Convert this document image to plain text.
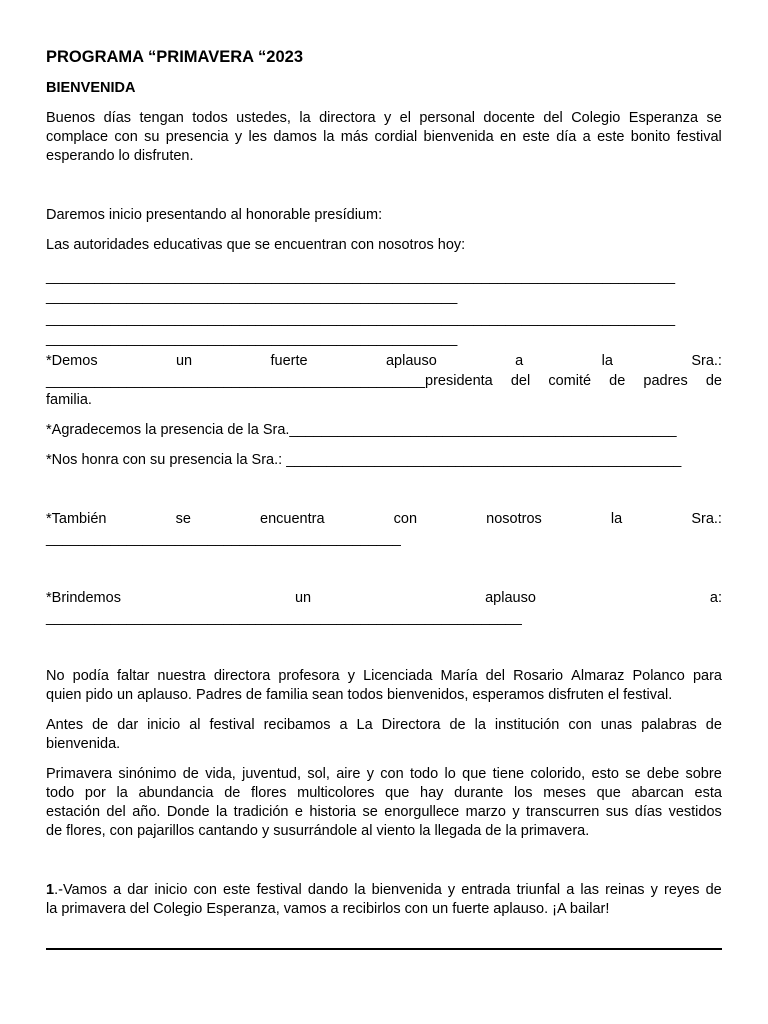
PROGRAMA “PRIMAVERA “2023
BIENVENIDA
Buenos días tengan todos ustedes, la directora y el personal docente del Colegio Esperanza se
complace con su presencia y les damos la más cordial bienvenida en este día a este bonito festival
esperando lo disfruten.
Daremos inicio presentando al honorable presídium:
Las autoridades educativas que se encuentran con nosotros hoy:
______________________________________________________________________________
___________________________________________________
______________________________________________________________________________
___________________________________________________
*Demos	un	fuerte	aplauso	a	la	Sra.:
_______________________________________________ presidenta del comité de padres de
familia.
*Agradecemos la presencia de la Sra.________________________________________________
*Nos honra con su presencia la Sra.: _________________________________________________
*También	se	encuentra	con	nosotros	la	Sra.:
____________________________________________
*Brindemos	un	aplauso	a:
___________________________________________________________
No podía faltar nuestra directora profesora y Licenciada María del Rosario Almaraz Polanco para
quien pido un aplauso. Padres de familia sean todos bienvenidos, esperamos disfruten el festival.
Antes de dar inicio al festival recibamos a La Directora de la institución con unas palabras de
bienvenida.
Primavera sinónimo de vida, juventud, sol, aire y con todo lo que tiene colorido, esto se debe sobre
todo por la abundancia de flores multicolores que hay durante los meses que abarcan esta
estación del año. Donde la tradición e historia se enorgullece marzo y transcurren sus días vestidos
de flores, con pajarillos cantando y susurrándole al viento la llegada de la primavera.
1 . -Vamos a dar inicio con este festival dando la bienvenida y entrada triunfal a las reinas y reyes de
la primavera del Colegio Esperanza, vamos a recibirlos con un fuerte aplauso. ¡A bailar!
